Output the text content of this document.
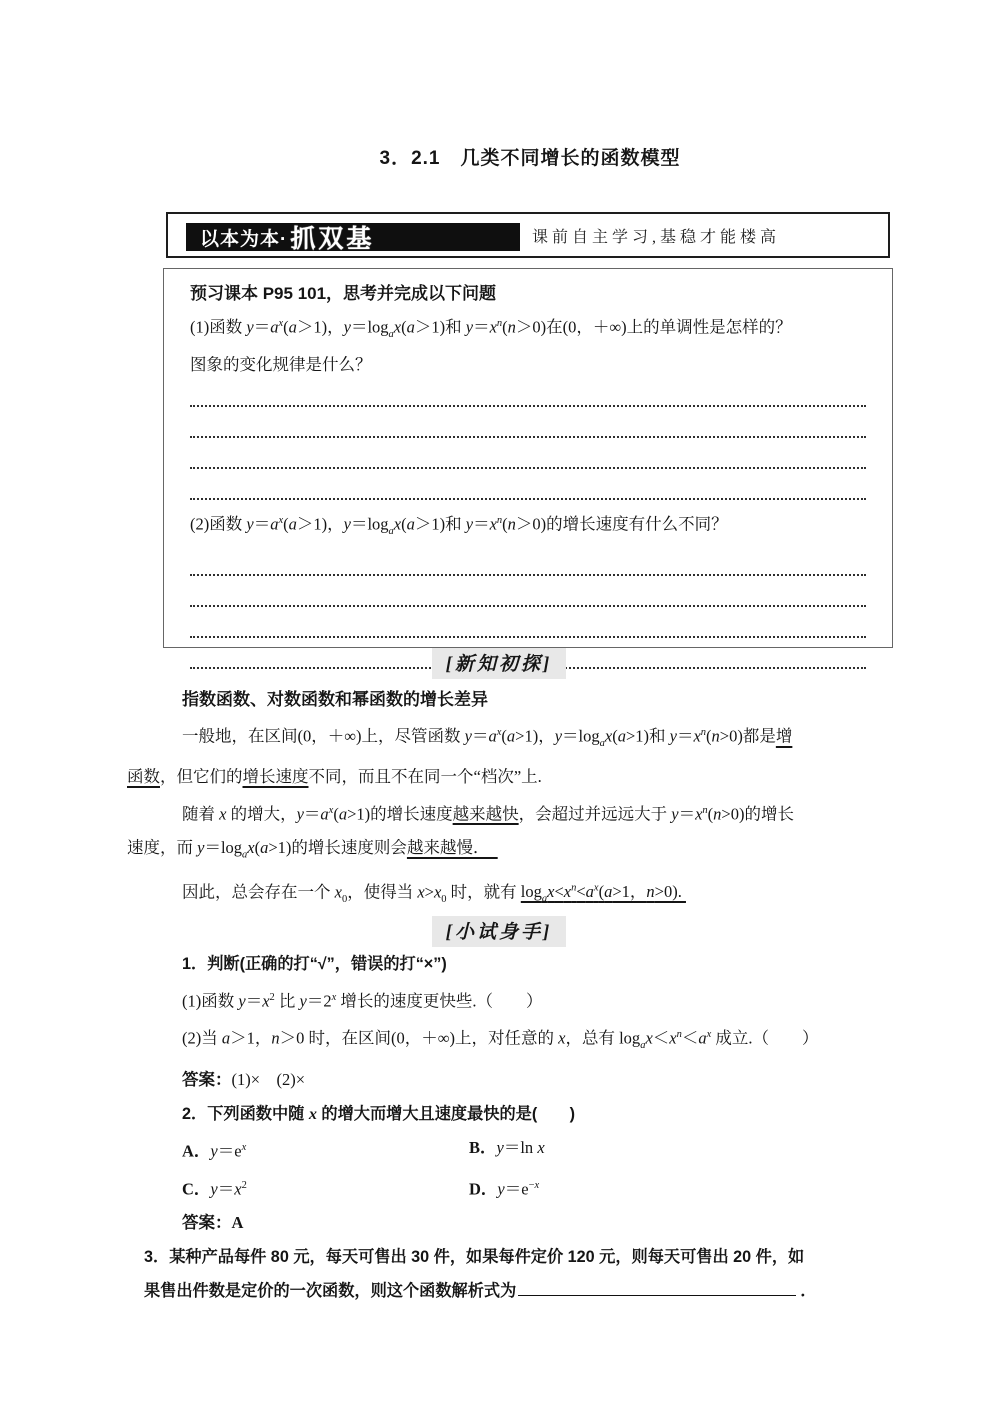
3．2.1　几类不同增长的函数模型
以本为本· 抓双基	课前自主学习,基稳才能楼高
预习课本 P95 101，思考并完成以下问题
(1)函数 $y=a^x(a>1)$，$y=\log_ax(a>1)$和 $y=x^n(n>0)$在(0，＋∞)上的单调性是怎样的？
图象的变化规律是什么？
(2)函数 $y=a^x(a>1)$，$y=\log_ax(a>1)$和 $y=x^n(n>0)$的增长速度有什么不同？
[新知初探]
指数函数、对数函数和幂函数的增长差异
一般地，在区间(0，＋∞)上，尽管函数 $y=a^x(a>1)$，$y=\log_ax(a>1)$和 $y=x^n(n>0)$都是增
函数，但它们的增长速度不同，而且不在同一个“档次”上.
随着 x 的增大，$y=a^x(a>1)$的增长速度越来越快，会超过并远远大于 $y=x^n(n>0)$的增长
速度，而 $y=\log_ax(a>1)$的增长速度则会越来越慢．
因此，总会存在一个 $x_0$，使得当 $x>x_0$ 时，就有 $\log_ax<x^n<a^x(a>1$，n>0).
[小试身手]
1．判断(正确的打“√”，错误的打“×”)
(1)函数 $y=x^2$ 比 $y=2^x$ 增长的速度更快些.（  ）
(2)当 a＞1，n＞0 时，在区间(0，＋∞)上，对任意的 x，总有 $\log_ax<x^n<a^x$ 成立.（  ）
答案：(1)× (2)×
2．下列函数中随 x 的增大而增大且速度最快的是(  )
A．$y=e^x$	B．y＝ln x
C．$y=x^2$	D．$y=e^{-x}$
答案：A
3．某种产品每件 80 元，每天可售出 30 件，如果每件定价 120 元，则每天可售出 20 件，如
果售出件数是定价的一次函数，则这个函数解析式为	．
